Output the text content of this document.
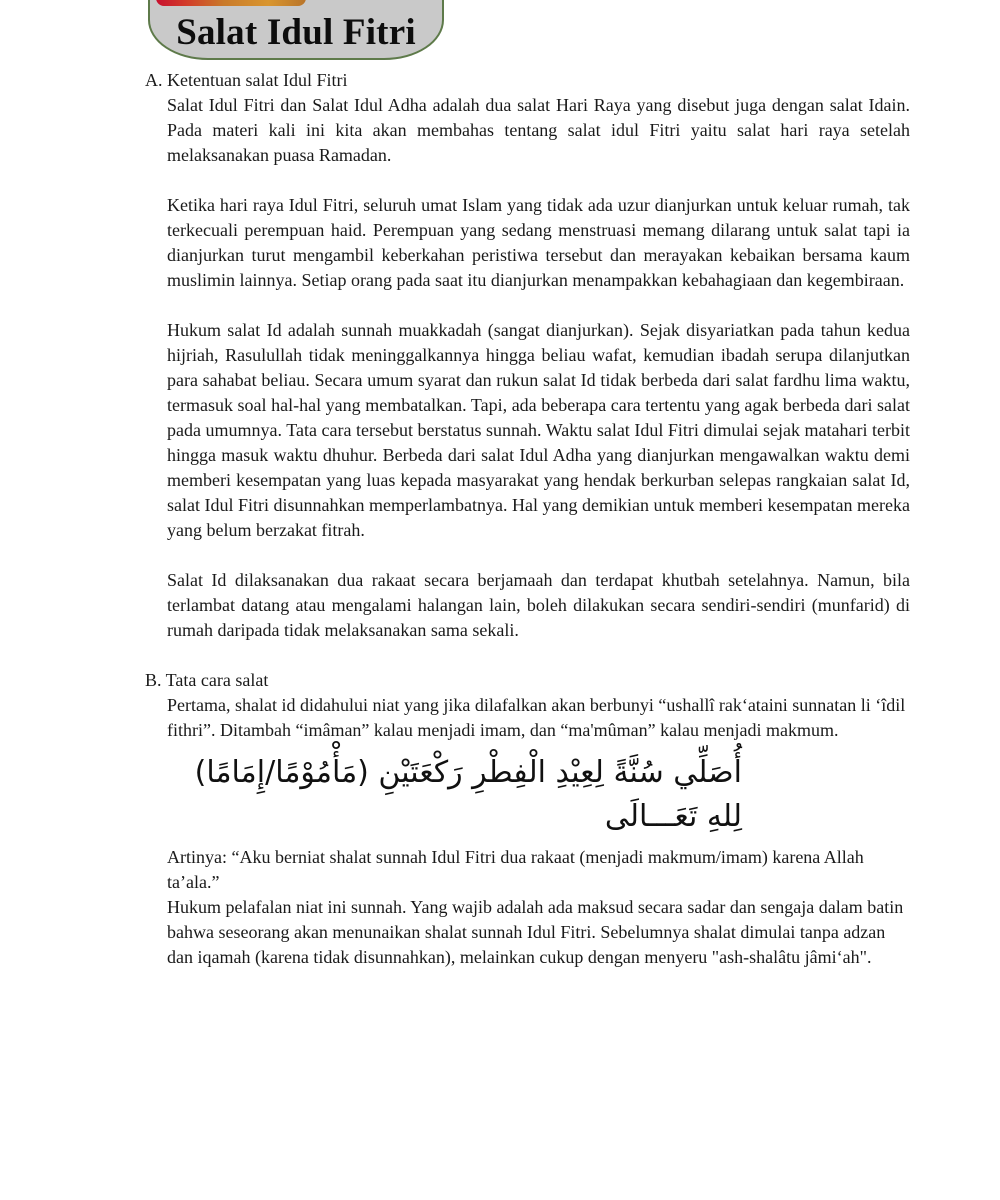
Salat Idul Fitri

A. Ketentuan salat Idul Fitri

Salat Idul Fitri dan Salat Idul Adha adalah dua salat Hari Raya yang disebut juga dengan salat Idain. Pada materi kali ini kita akan membahas tentang salat idul Fitri yaitu salat hari raya setelah melaksanakan puasa Ramadan.

Ketika hari raya Idul Fitri, seluruh umat Islam yang tidak ada uzur dianjurkan untuk keluar rumah, tak terkecuali perempuan haid. Perempuan yang sedang menstruasi memang dilarang untuk salat tapi ia dianjurkan turut mengambil keberkahan peristiwa tersebut dan merayakan kebaikan bersama kaum muslimin lainnya. Setiap orang pada saat itu dianjurkan menampakkan kebahagiaan dan kegembiraan.

Hukum salat Id adalah sunnah muakkadah (sangat dianjurkan). Sejak disyariatkan pada tahun kedua hijriah, Rasulullah tidak meninggalkannya hingga beliau wafat, kemudian ibadah serupa dilanjutkan para sahabat beliau. Secara umum syarat dan rukun salat Id tidak berbeda dari salat fardhu lima waktu, termasuk soal hal-hal yang membatalkan. Tapi, ada beberapa cara tertentu yang agak berbeda dari salat pada umumnya. Tata cara tersebut berstatus sunnah. Waktu salat Idul Fitri dimulai sejak matahari terbit hingga masuk waktu dhuhur. Berbeda dari salat Idul Adha yang dianjurkan mengawalkan waktu demi memberi kesempatan yang luas kepada masyarakat yang hendak berkurban selepas rangkaian salat Id, salat Idul Fitri disunnahkan memperlambatnya. Hal yang demikian untuk memberi kesempatan mereka yang belum berzakat fitrah.

Salat Id dilaksanakan dua rakaat secara berjamaah dan terdapat khutbah setelahnya. Namun, bila terlambat datang atau mengalami halangan lain, boleh dilakukan secara sendiri-sendiri (munfarid) di rumah daripada tidak melaksanakan sama sekali.

B. Tata cara salat

Pertama, shalat id didahului niat yang jika dilafalkan akan berbunyi “ushallî rak‘ataini sunnatan li ‘îdil fithri”. Ditambah “imâman” kalau menjadi imam, dan “ma'mûman” kalau menjadi makmum.

أُصَلِّي سُنَّةً لِعِيْدِ الْفِطْرِ رَكْعَتَيْنِ (مَأْمُوْمًا/إِمَامًا) لِلهِ تَعَـــالَى

Artinya: “Aku berniat shalat sunnah Idul Fitri dua rakaat (menjadi makmum/imam) karena Allah ta’ala.”

Hukum pelafalan niat ini sunnah. Yang wajib adalah ada maksud secara sadar dan sengaja dalam batin bahwa seseorang akan menunaikan shalat sunnah Idul Fitri. Sebelumnya shalat dimulai tanpa adzan dan iqamah (karena tidak disunnahkan), melainkan cukup dengan menyeru "ash-shalâtu jâmi‘ah".
